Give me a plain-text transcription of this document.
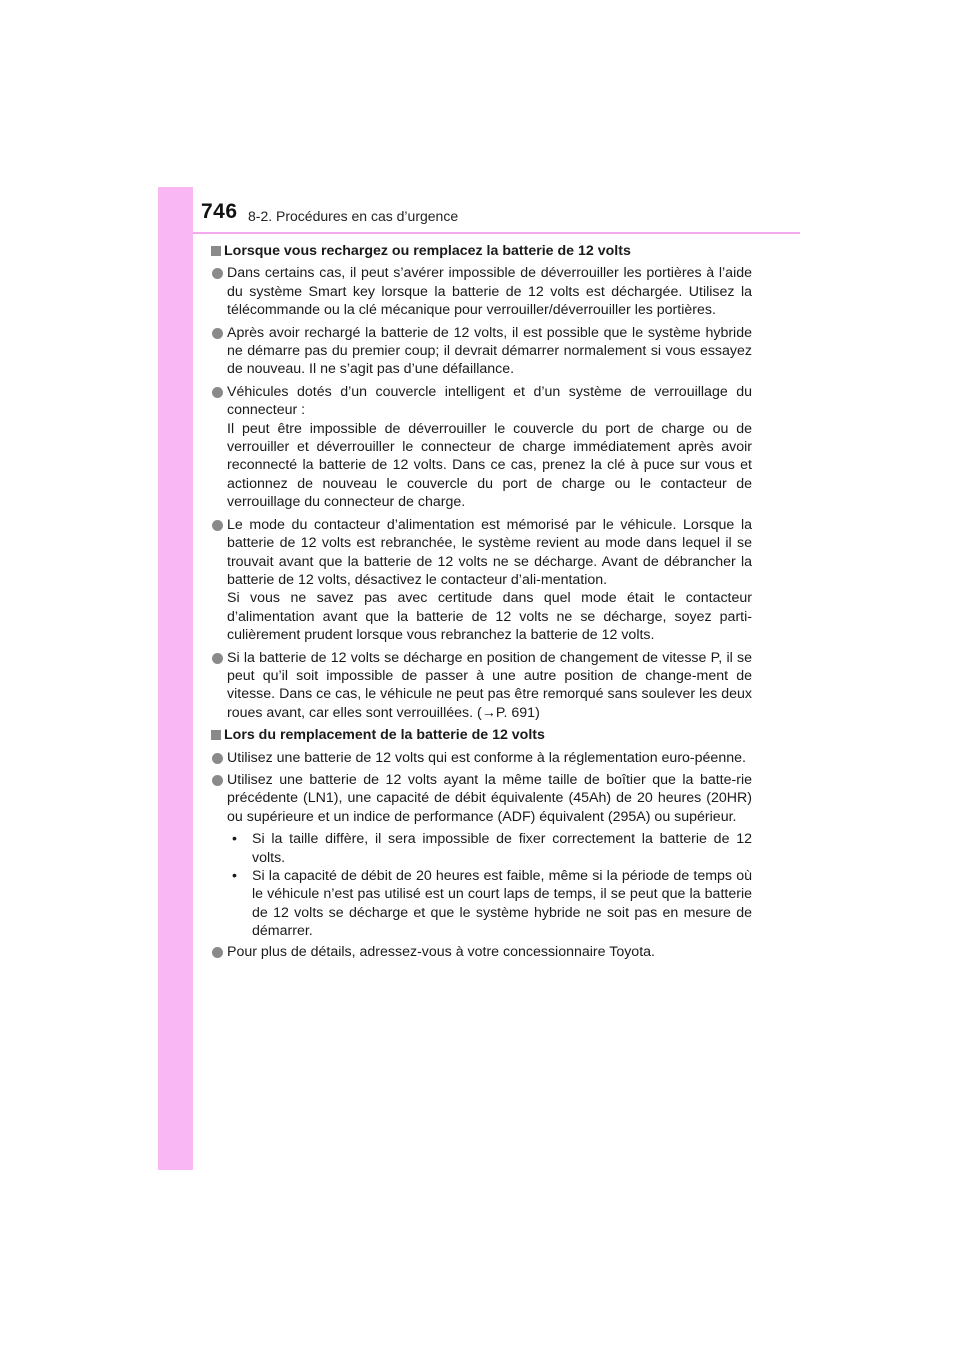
746 8-2. Procédures en cas d’urgence
Lorsque vous rechargez ou remplacez la batterie de 12 volts
Dans certains cas, il peut s’avérer impossible de déverrouiller les portières à l’aide du système Smart key lorsque la batterie de 12 volts est déchargée. Utilisez la télécommande ou la clé mécanique pour verrouiller/déverrouiller les portières.
Après avoir rechargé la batterie de 12 volts, il est possible que le système hybride ne démarre pas du premier coup; il devrait démarrer normalement si vous essayez de nouveau. Il ne s’agit pas d’une défaillance.
Véhicules dotés d’un couvercle intelligent et d’un système de verrouillage du connecteur :
Il peut être impossible de déverrouiller le couvercle du port de charge ou de verrouiller et déverrouiller le connecteur de charge immédiatement après avoir reconnecté la batterie de 12 volts. Dans ce cas, prenez la clé à puce sur vous et actionnez de nouveau le couvercle du port de charge ou le contacteur de verrouillage du connecteur de charge.
Le mode du contacteur d’alimentation est mémorisé par le véhicule. Lorsque la batterie de 12 volts est rebranchée, le système revient au mode dans lequel il se trouvait avant que la batterie de 12 volts ne se décharge. Avant de débrancher la batterie de 12 volts, désactivez le contacteur d’ali-mentation.
Si vous ne savez pas avec certitude dans quel mode était le contacteur d’alimentation avant que la batterie de 12 volts ne se décharge, soyez parti-culièrement prudent lorsque vous rebranchez la batterie de 12 volts.
Si la batterie de 12 volts se décharge en position de changement de vitesse P, il se peut qu’il soit impossible de passer à une autre position de change-ment de vitesse. Dans ce cas, le véhicule ne peut pas être remorqué sans soulever les deux roues avant, car elles sont verrouillées. (→P. 691)
Lors du remplacement de la batterie de 12 volts
Utilisez une batterie de 12 volts qui est conforme à la réglementation euro-péenne.
Utilisez une batterie de 12 volts ayant la même taille de boîtier que la batte-rie précédente (LN1), une capacité de débit équivalente (45Ah) de 20 heures (20HR) ou supérieure et un indice de performance (ADF) équivalent (295A) ou supérieur.
• Si la taille diffère, il sera impossible de fixer correctement la batterie de 12 volts.
• Si la capacité de débit de 20 heures est faible, même si la période de temps où le véhicule n’est pas utilisé est un court laps de temps, il se peut que la batterie de 12 volts se décharge et que le système hybride ne soit pas en mesure de démarrer.
Pour plus de détails, adressez-vous à votre concessionnaire Toyota.
